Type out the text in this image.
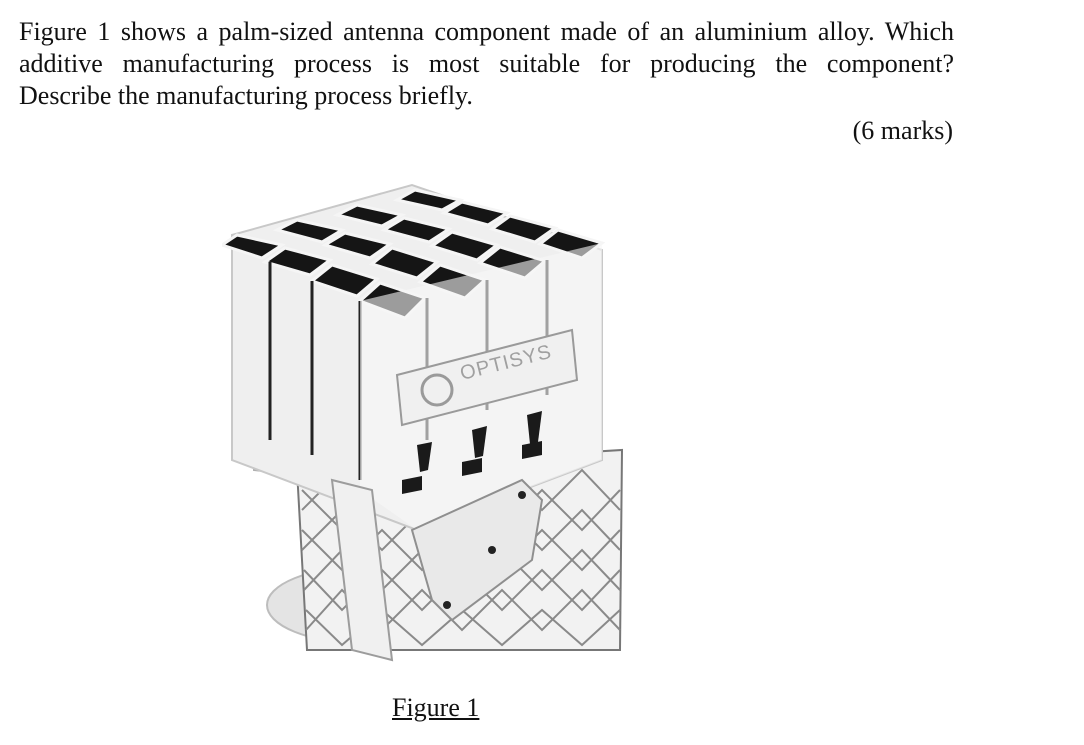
Figure 1 shows a palm-sized antenna component made of an aluminium alloy. Which
additive manufacturing process is most suitable for producing the component?
Describe the manufacturing process briefly.
(6 marks)
OPTISYS
Figure 1
